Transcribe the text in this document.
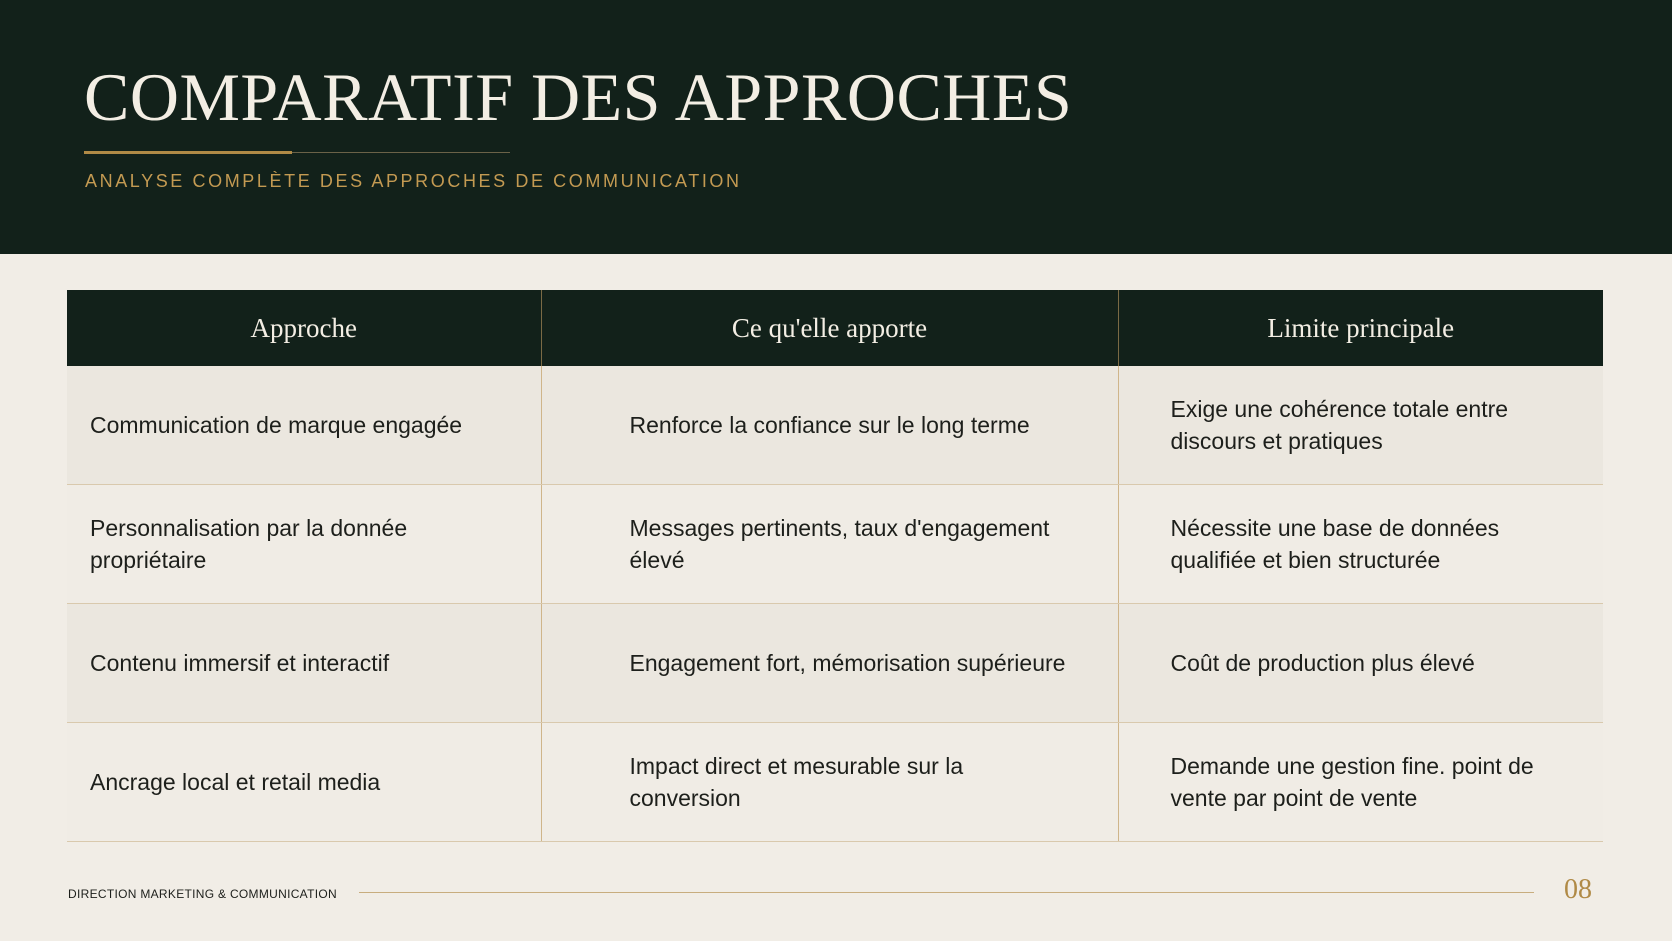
COMPARATIF DES APPROCHES
ANALYSE COMPLÈTE DES APPROCHES DE COMMUNICATION
Approche	Ce qu'elle apporte	Limite principale
Communication de marque engagée	Renforce la confiance sur le long terme	Exige une cohérence totale entre discours et pratiques
Personnalisation par la donnée propriétaire	Messages pertinents, taux d'engagement élevé	Nécessite une base de données qualifiée et bien structurée
Contenu immersif et interactif	Engagement fort, mémorisation supérieure	Coût de production plus élevé
Ancrage local et retail media	Impact direct et mesurable sur la conversion	Demande une gestion fine. point de vente par point de vente
DIRECTION MARKETING & COMMUNICATION	08
